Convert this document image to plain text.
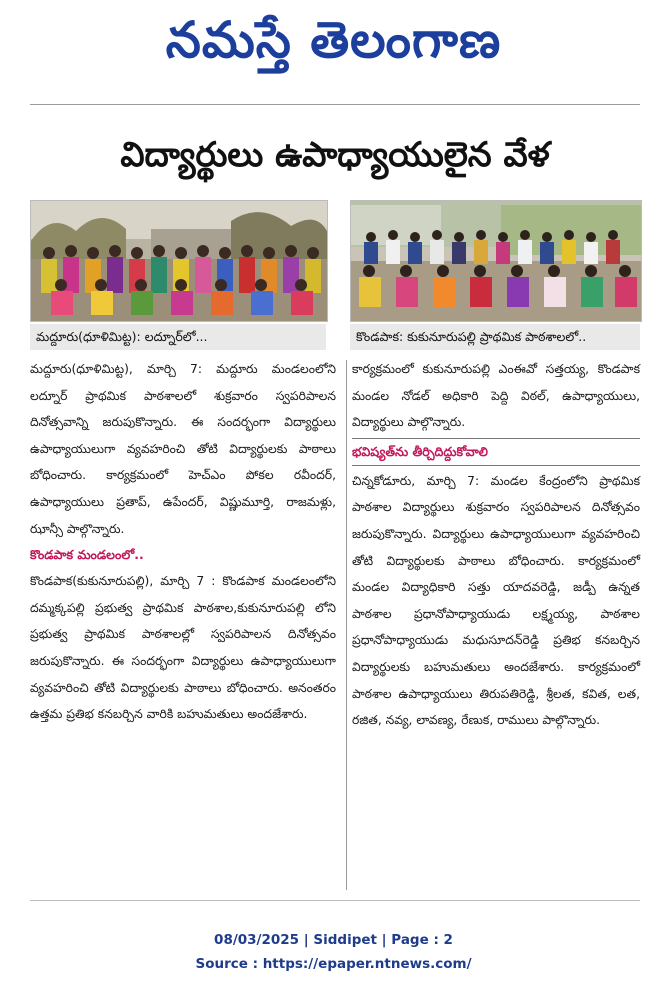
నమస్తే తెలంగాణ
విద్యార్థులు ఉపాధ్యాయులైన వేళ
మద్దూరు(ధూళిమిట్ట): లద్నూర్‌లో...	కొండపాక: కుకునూరుపల్లి ప్రాథమిక పాఠశాలలో..

మద్దూరు(ధూళిమిట్ట), మార్చి 7: మద్దూరు మండలంలోని లద్నూర్ ప్రాథమిక పాఠశాలలో శుక్రవారం స్వపరిపాలన దినోత్సవాన్ని జరుపుకొన్నారు. ఈ సందర్భంగా విద్యార్థులు ఉపాధ్యాయులుగా వ్యవహరించి తోటి విద్యార్థులకు పాఠాలు బోధించారు. కార్యక్రమంలో హెచ్‌ఎం పోకల రవీందర్, ఉపాధ్యాయులు ప్రతాప్, ఉపేందర్, విష్ణుమూర్తి, రాజమళ్లు, ఝాన్సీ పాల్గొన్నారు.

కొండపాక మండలంలో..

కొండపాక(కుకునూరుపల్లి), మార్చి 7 : కొండపాక మండలంలోని దమ్మక్కపల్లి ప్రభుత్వ ప్రాథమిక పాఠశాల,కుకునూరుపల్లి లోని ప్రభుత్వ ప్రాథమిక పాఠశాలల్లో స్వపరిపాలన దినోత్సవం జరుపుకొన్నారు. ఈ సందర్భంగా విద్యార్థులు ఉపాధ్యాయులుగా వ్యవహరించి తోటి విద్యార్థులకు పాఠాలు బోధించారు. అనంతరం ఉత్తమ ప్రతిభ కనబర్చిన వారికి బహుమతులు అందజేశారు.

కార్యక్రమంలో కుకునూరుపల్లి ఎంఈవో సత్తయ్య, కొండపాక మండల నోడల్ అధికారి పెద్ది విఠల్, ఉపాధ్యాయులు, విద్యార్థులు పాల్గొన్నారు.

భవిష్యత్‌ను తీర్చిదిద్దుకోవాలి

చిన్నకోడూరు, మార్చి 7: మండల కేంద్రంలోని ప్రాథమిక పాఠశాల విద్యార్థులు శుక్రవారం స్వపరిపాలన దినోత్సవం జరుపుకొన్నారు. విద్యార్థులు ఉపాధ్యాయులుగా వ్యవహరించి తోటి విద్యార్థులకు పాఠాలు బోధించారు. కార్యక్రమంలో మండల విద్యాధికారి సత్తు యాదవరెడ్డి, జడ్పీ ఉన్నత పాఠశాల ప్రధానోపాధ్యాయుడు లక్ష్మయ్య, పాఠశాల ప్రధానోపాధ్యాయుడు మధుసూదన్‌రెడ్డి ప్రతిభ కనబర్చిన విద్యార్థులకు బహుమతులు అందజేశారు. కార్యక్రమంలో పాఠశాల ఉపాధ్యాయులు తిరుపతిరెడ్డి, శ్రీలత, కవిత, లత, రజిత, నవ్య, లావణ్య, రేణుక, రాములు పాల్గొన్నారు.

08/03/2025 | Siddipet | Page : 2
Source : https://epaper.ntnews.com/
